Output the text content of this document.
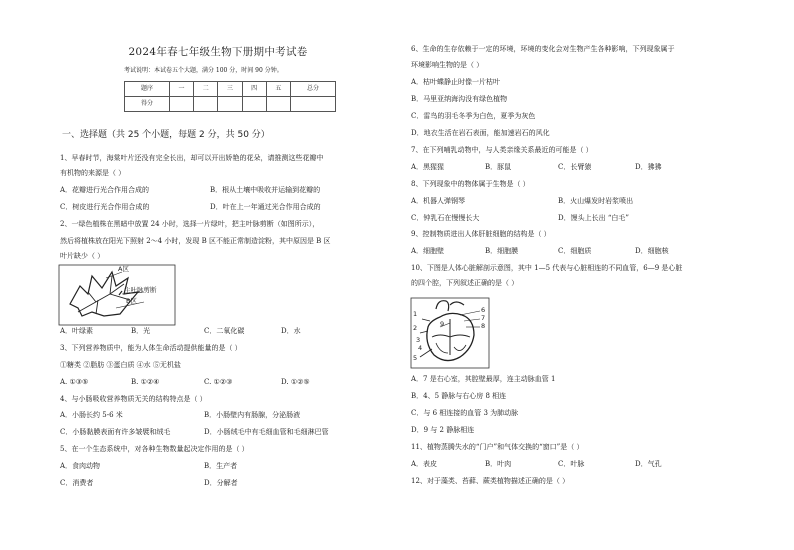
2024年春七年级生物下册期中考试卷
考试说明：本试卷五个大题，满分 100 分，时间 90 分钟。
题序	一	二	三	四	五	总分
得分						
一、选择题（共 25 个小题，每题 2 分，共 50 分）
1、早春时节，海棠叶片还没有完全长出，却可以开出娇艳的花朵，请推测这些花瓣中
有机物的来源是（ ）
A．花瓣进行光合作用合成的	B．根从土壤中吸收并运输到花瓣的
C．树皮进行光合作用合成的	D．叶在上一年通过光合作用合成的
2、一绿色植株在黑暗中放置 24 小时，选择一片绿叶，把主叶脉剪断（如图所示），
然后将植株放在阳光下照射 2～4 小时，发现 B 区不能正常制造淀粉，其中原因是 B 区
叶片缺少（ ）
A区
主叶脉剪断
B区
A．叶绿素	B．光	C．二氧化碳	D．水
3、下列营养物质中，能为人体生命活动提供能量的是（ ）
①糖类 ②脂肪 ③蛋白质 ④水 ⑤无机盐
A. ①③⑤	B. ①②④	C. ①②③	D. ①②⑤
4、与小肠吸收营养物质无关的结构特点是（ ）
A．小肠长约 5-6 米	B．小肠壁内有肠腺，分泌肠液
C．小肠黏膜表面有许多皱襞和绒毛	D．小肠绒毛中有毛细血管和毛细淋巴管
5、在一个生态系统中，对各种生物数量起决定作用的是（ ）
A．食肉动物	B．生产者
C．消费者	D．分解者
6、生命的生存依赖于一定的环境，环境的变化会对生物产生各种影响，下列现象属于
环境影响生物的是（ ）
A．枯叶蝶静止时像一片枯叶
B．马里亚纳海沟没有绿色植物
C．雷鸟的羽毛冬季为白色，夏季为灰色
D．地衣生活在岩石表面，能加速岩石的风化
7、在下列哺乳动物中，与人类亲缘关系最近的可能是（ ）
A．黑猩猩	B．豚鼠	C．长臂猿	D．狒狒
8、下列现象中的物体属于生物是（ ）
A．机器人弹钢琴	B．火山爆发时岩浆喷出
C．钟乳石在慢慢长大	D．馒头上长出 “白毛”
9、控制物质进出人体肝脏细胞的结构是（ ）
A．细胞壁	B．细胞膜	C．细胞质	D．细胞核
10、下图是人体心脏解剖示意图，其中 1—5 代表与心脏相连的不同血管，6—9 是心脏
的四个腔，下列叙述正确的是（ ）
1
2
5
6
7
8
9
3
4
A．7 是右心室，其腔壁最厚，连主动脉血管 1
B．4、5 静脉与右心房 8 相连
C．与 6 相连接的血管 3 为肺动脉
D．9 与 2 静脉相连
11、植物蒸腾失水的“门户”和气体交换的“窗口”是（ ）
A．表皮	B．叶肉	C．叶脉	D．气孔
12、对于藻类、苔藓、蕨类植物描述正确的是（ ）
